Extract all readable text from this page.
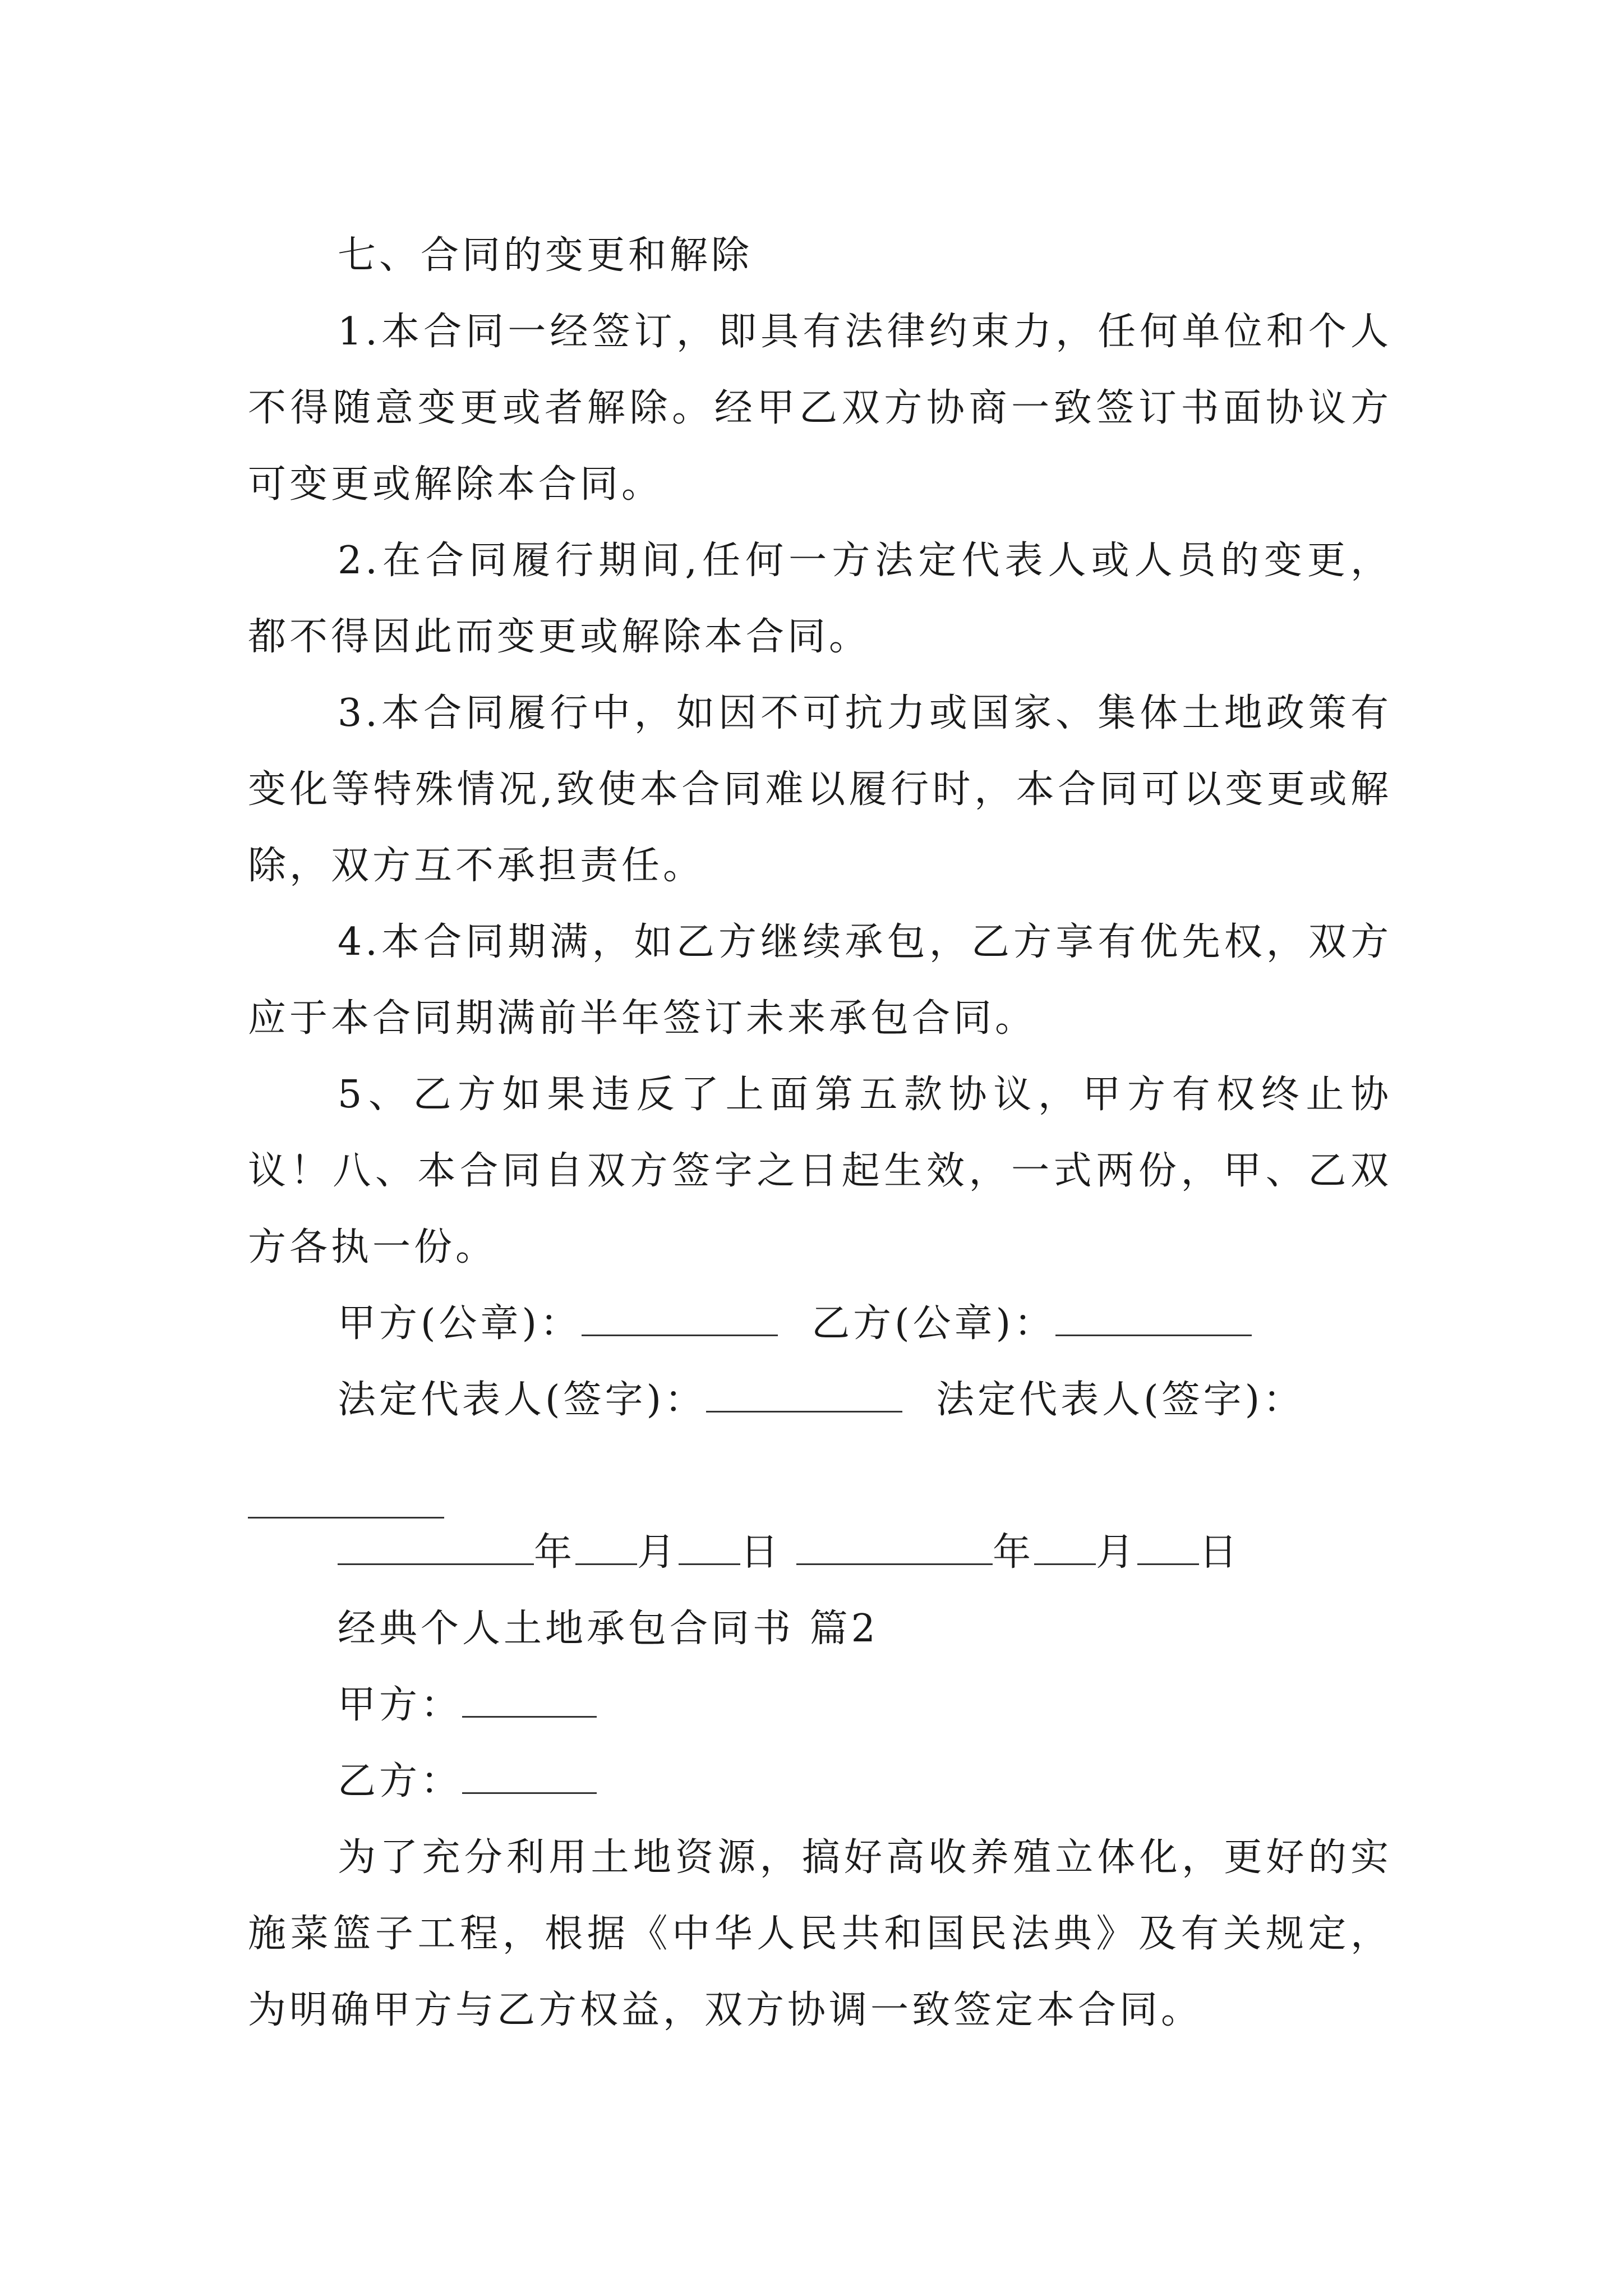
七、合同的变更和解除

1.本合同一经签订，即具有法律约束力，任何单位和个人不得随意变更或者解除。经甲乙双方协商一致签订书面协议方可变更或解除本合同。

2.在合同履行期间,任何一方法定代表人或人员的变更，都不得因此而变更或解除本合同。

3.本合同履行中，如因不可抗力或国家、集体土地政策有变化等特殊情况,致使本合同难以履行时，本合同可以变更或解除，双方互不承担责任。

4.本合同期满，如乙方继续承包，乙方享有优先权，双方应于本合同期满前半年签订未来承包合同。

5、乙方如果违反了上面第五款协议，甲方有权终止协议！八、本合同自双方签字之日起生效，一式两份，甲、乙双方各执一份。

甲方(公章)：	乙方(公章)：

法定代表人(签字)：	法定代表人(签字)：

年 月 日	年 月 日

经典个人土地承包合同书 篇2

甲方：

乙方：

为了充分利用土地资源，搞好高收养殖立体化，更好的实施菜篮子工程，根据《中华人民共和国民法典》及有关规定，为明确甲方与乙方权益，双方协调一致签定本合同。
